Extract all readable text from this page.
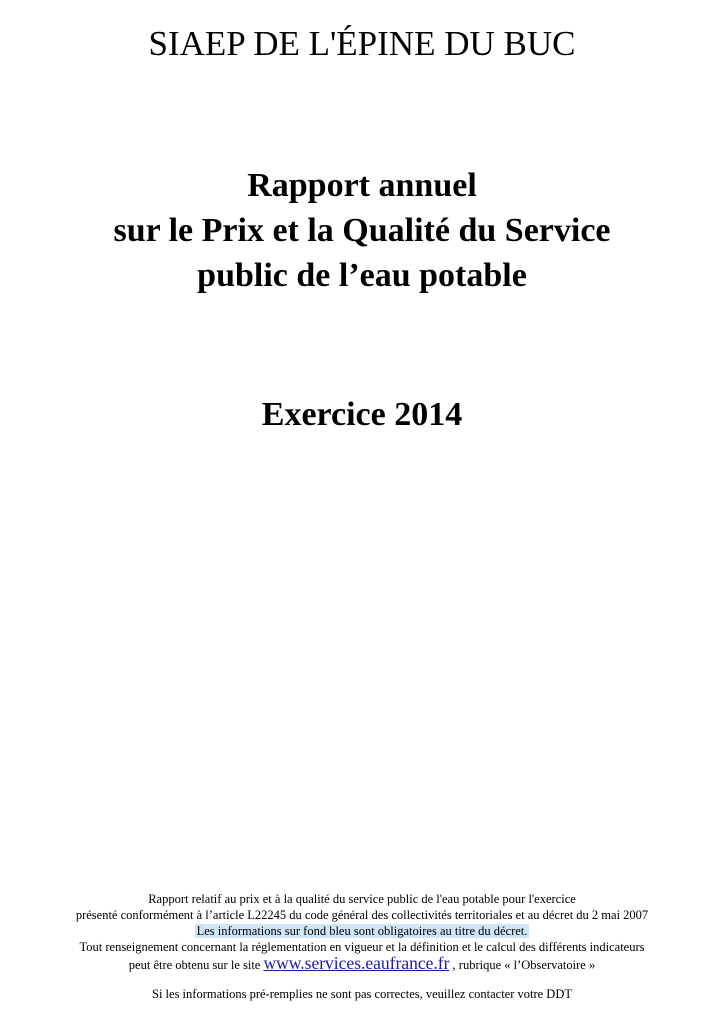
SIAEP DE L'ÉPINE DU BUC
Rapport annuel
sur le Prix et la Qualité du Service
public de l’eau potable
Exercice 2014
Rapport relatif au prix et à la qualité du service public de l'eau potable pour l'exercice
présenté conformément à l’article L22245 du code général des collectivités territoriales et au décret du 2 mai 2007
Les informations sur fond bleu sont obligatoires au titre du décret.
Tout renseignement concernant la réglementation en vigueur et la définition et le calcul des différents indicateurs
peut être obtenu sur le site www.services.eaufrance.fr , rubrique « l’Observatoire »
Si les informations pré-remplies ne sont pas correctes, veuillez contacter votre DDT
